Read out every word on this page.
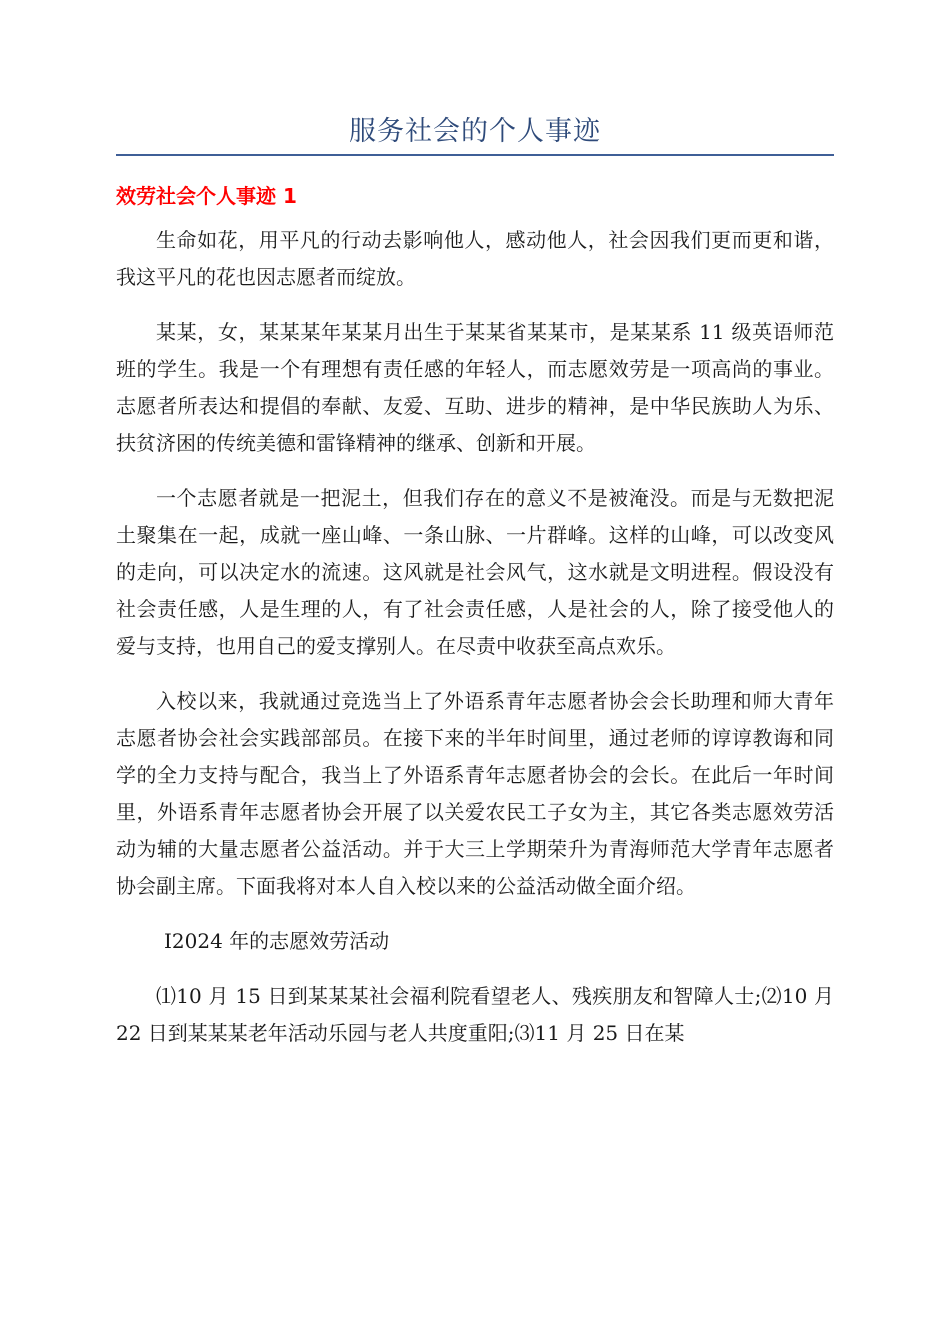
服务社会的个人事迹
效劳社会个人事迹 1

生命如花，用平凡的行动去影响他人，感动他人，社会因我们更而更和谐，我这平凡的花也因志愿者而绽放。

某某，女，某某某年某某月出生于某某省某某市，是某某系 11 级英语师范班的学生。我是一个有理想有责任感的年轻人，而志愿效劳是一项高尚的事业。志愿者所表达和提倡的奉献、友爱、互助、进步的精神，是中华民族助人为乐、扶贫济困的传统美德和雷锋精神的继承、创新和开展。

一个志愿者就是一把泥土，但我们存在的意义不是被淹没。而是与无数把泥土聚集在一起，成就一座山峰、一条山脉、一片群峰。这样的山峰，可以改变风的走向，可以决定水的流速。这风就是社会风气，这水就是文明进程。假设没有社会责任感，人是生理的人，有了社会责任感，人是社会的人，除了接受他人的爱与支持，也用自己的爱支撑别人。在尽责中收获至高点欢乐。

入校以来，我就通过竞选当上了外语系青年志愿者协会会长助理和师大青年志愿者协会社会实践部部员。在接下来的半年时间里，通过老师的谆谆教诲和同学的全力支持与配合，我当上了外语系青年志愿者协会的会长。在此后一年时间里，外语系青年志愿者协会开展了以关爱农民工子女为主，其它各类志愿效劳活动为辅的大量志愿者公益活动。并于大三上学期荣升为青海师范大学青年志愿者协会副主席。下面我将对本人自入校以来的公益活动做全面介绍。

Ⅰ2024 年的志愿效劳活动

⑴10 月 15 日到某某某社会福利院看望老人、残疾朋友和智障人士;⑵10 月 22 日到某某某老年活动乐园与老人共度重阳;⑶11 月 25 日在某
